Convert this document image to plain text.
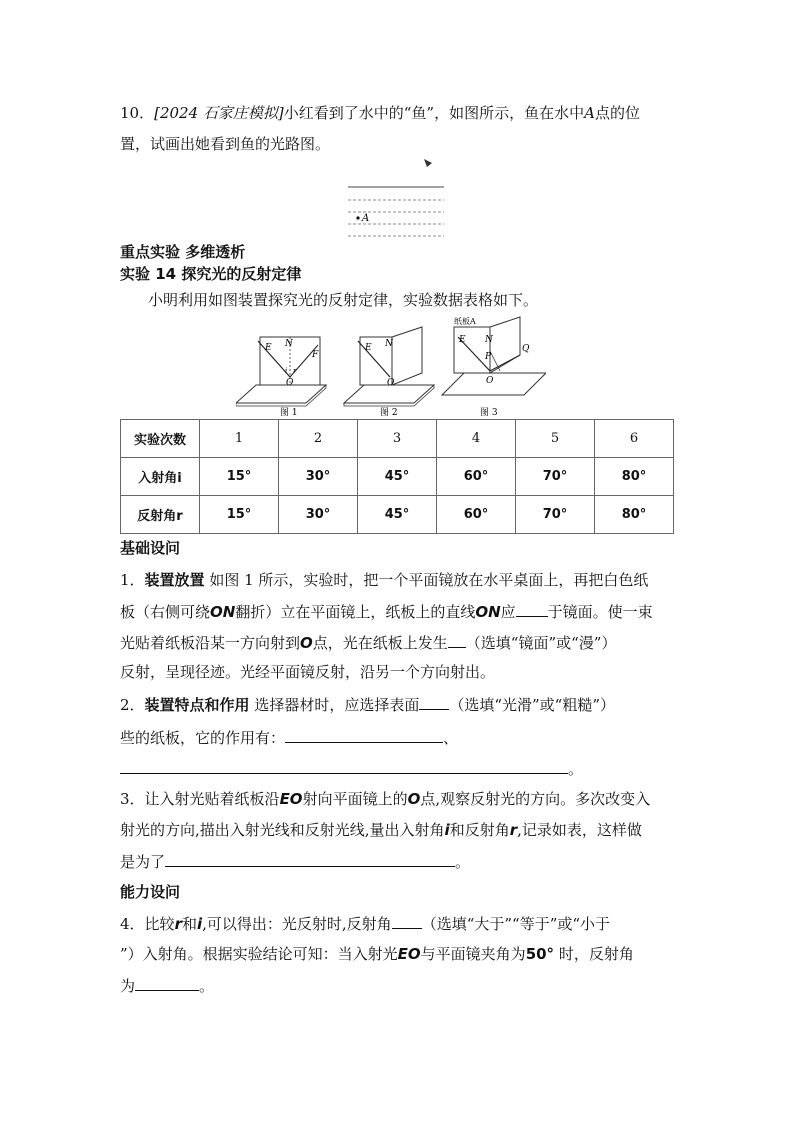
10．[2024 石家庄模拟]小红看到了水中的“鱼”，如图所示，鱼在水中A点的位
置，试画出她看到鱼的光路图。
A
重点实验 多维透析
实验 14 探究光的反射定律
小明利用如图装置探究光的反射定律，实验数据表格如下。
E N
F
O
i r
E N
O
纸板A
E N
P
Q
O
图 1	图 2	图 3
实验次数	1	2	3	4	5	6
入射角i	15°	30°	45°	60°	70°	80°
反射角r	15°	30°	45°	60°	70°	80°
基础设问
1．装置放置 如图 1 所示，实验时，把一个平面镜放在水平桌面上，再把白色纸
板（右侧可绕ON翻折）立在平面镜上，纸板上的直线ON应 于镜面。使一束
光贴着纸板沿某一方向射到O点，光在纸板上发生 （选填“镜面”或“漫”）
反射，呈现径迹。光经平面镜反射，沿另一个方向射出。
2．装置特点和作用 选择器材时，应选择表面 （选填“光滑”或“粗糙”）
些的纸板，它的作用有：	、
。
3．让入射光贴着纸板沿EO射向平面镜上的O点,观察反射光的方向。多次改变入
射光的方向,描出入射光线和反射光线,量出入射角i和反射角r,记录如表，这样做
是为了	。
能力设问
4．比较r和i,可以得出：光反射时,反射角 （选填“大于”“等于”或“小于
”）入射角。根据实验结论可知：当入射光EO与平面镜夹角为50° 时，反射角
为	。
